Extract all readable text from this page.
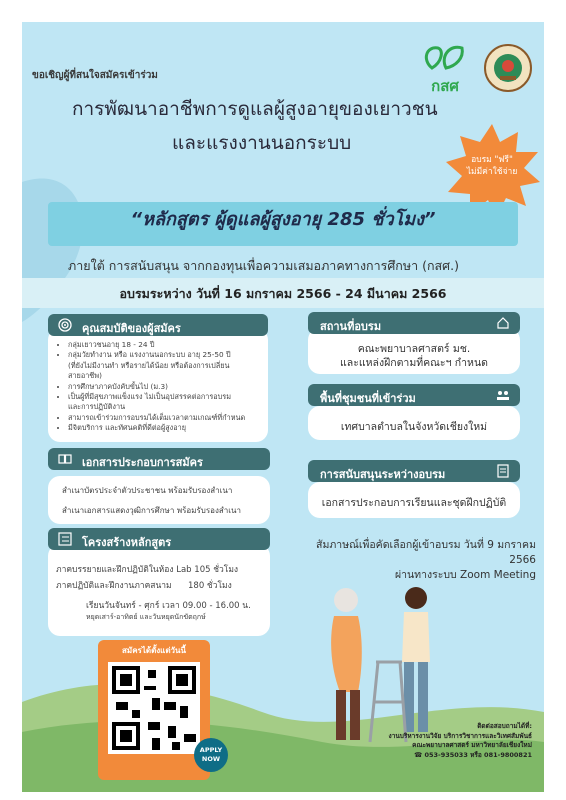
กสศ
ขอเชิญผู้ที่สนใจสมัครเข้าร่วม
การพัฒนาอาชีพการดูแลผู้สูงอายุของเยาวชน
และแรงงานนอกระบบ
อบรม "ฟรี"
ไม่มีค่าใช้จ่าย
“หลักสูตร ผู้ดูแลผู้สูงอายุ 285 ชั่วโมง”
ภายใต้ การสนับสนุน จากกองทุนเพื่อความเสมอภาคทางการศึกษา (กสศ.)
อบรมระหว่าง วันที่ 16 มกราคม 2566 - 24 มีนาคม 2566
คุณสมบัติของผู้สมัคร
• กลุ่มเยาวชนอายุ 18 - 24 ปี
• กลุ่มวัยทำงาน หรือ แรงงานนอกระบบ อายุ 25-50 ปี
(ที่ยังไม่มีงานทำ หรือรายได้น้อย หรือต้องการเปลี่ยน
สายอาชีพ)
• การศึกษาภาคบังคับขั้นไป (ม.3)
• เป็นผู้ที่มีสุขภาพแข็งแรง ไม่เป็นอุปสรรคต่อการอบรม
และการปฏิบัติงาน
• สามารถเข้าร่วมการอบรมได้เต็มเวลาตามเกณฑ์ที่กำหนด
• มีจิตบริการ และทัศนคติที่ดีต่อผู้สูงอายุ
เอกสารประกอบการสมัคร
สำเนาบัตรประจำตัวประชาชน พร้อมรับรองสำเนา
สำเนาเอกสารแสดงวุฒิการศึกษา พร้อมรับรองสำเนา
โครงสร้างหลักสูตร
ภาคบรรยายและฝึกปฏิบัติในห้อง Lab 105 ชั่วโมง
ภาคปฏิบัติและฝึกงานภาคสนาม 180 ชั่วโมง
เรียนวันจันทร์ - ศุกร์ เวลา 09.00 - 16.00 น.
หยุดเสาร์-อาทิตย์ และวันหยุดนักขัตฤกษ์
สถานที่อบรม
คณะพยาบาลศาสตร์ มช.
และแหล่งฝึกตามที่คณะฯ กำหนด
พื้นที่ชุมชนที่เข้าร่วม
เทศบาลตำบลในจังหวัดเชียงใหม่
การสนับสนุนระหว่างอบรม
เอกสารประกอบการเรียนและชุดฝึกปฏิบัติ
สัมภาษณ์เพื่อคัดเลือกผู้เข้าอบรม วันที่ 9 มกราคม 2566
ผ่านทางระบบ Zoom Meeting
สมัครได้ตั้งแต่วันนี้
APPLY
NOW
ติดต่อสอบถามได้ที่:
งานบริหารงานวิจัย บริการวิชาการและวิเทศสัมพันธ์
คณะพยาบาลศาสตร์ มหาวิทยาลัยเชียงใหม่
☎ 053-935033 หรือ 081-9800821
